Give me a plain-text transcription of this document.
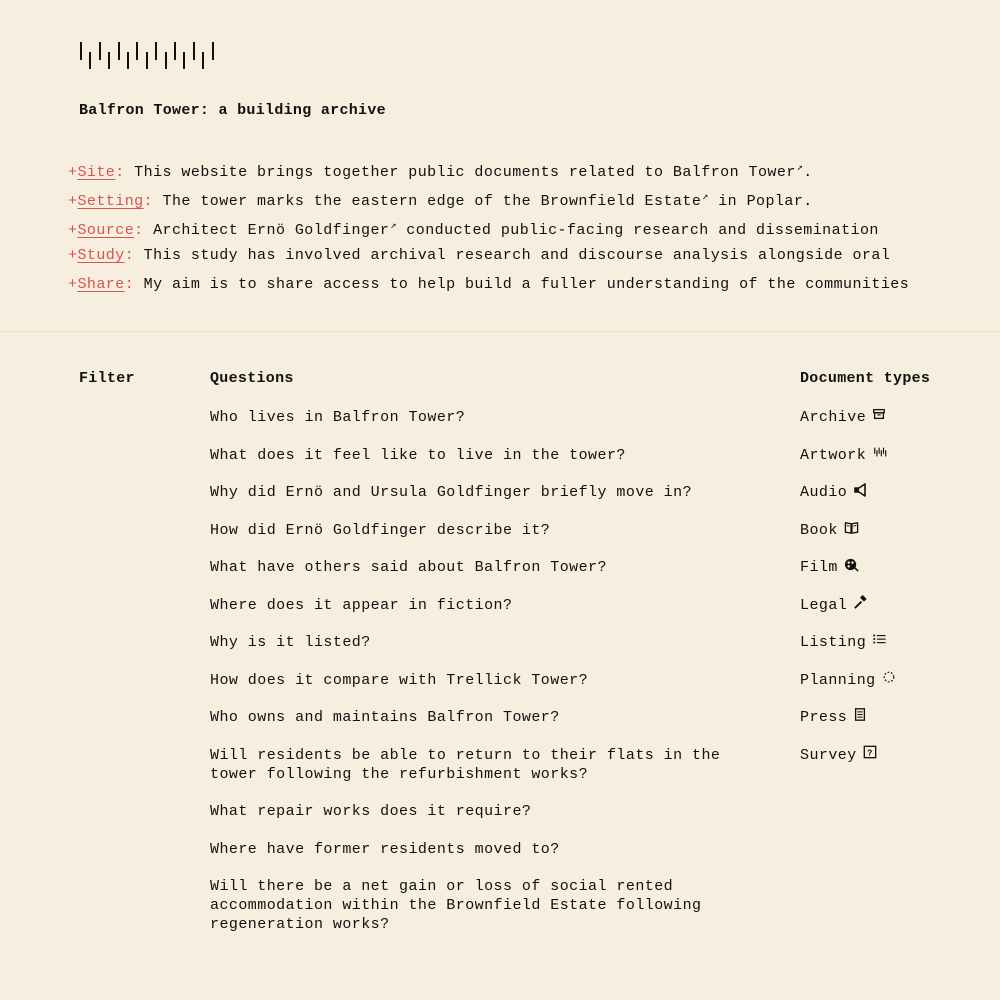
Balfron Tower: a building archive
+Site: This website brings together public documents related to Balfron Tower↗.
+Setting: The tower marks the eastern edge of the Brownfield Estate↗ in Poplar.
+Source: Architect Ernö Goldfinger↗ conducted public-facing research and dissemination
+Study: This study has involved archival research and discourse analysis alongside oral
+Share: My aim is to share access to help build a fuller understanding of the communities
Filter	Questions	Document types
Who lives in Balfron Tower?
What does it feel like to live in the tower?
Why did Ernö and Ursula Goldfinger briefly move in?
How did Ernö Goldfinger describe it?
What have others said about Balfron Tower?
Where does it appear in fiction?
Why is it listed?
How does it compare with Trellick Tower?
Who owns and maintains Balfron Tower?
Will residents be able to return to their flats in the tower following the refurbishment works?
What repair works does it require?
Where have former residents moved to?
Will there be a net gain or loss of social rented accommodation within the Brownfield Estate following regeneration works?
Archive
Artwork
Audio
Book
Film
Legal
Listing
Planning
Press
Survey ?
